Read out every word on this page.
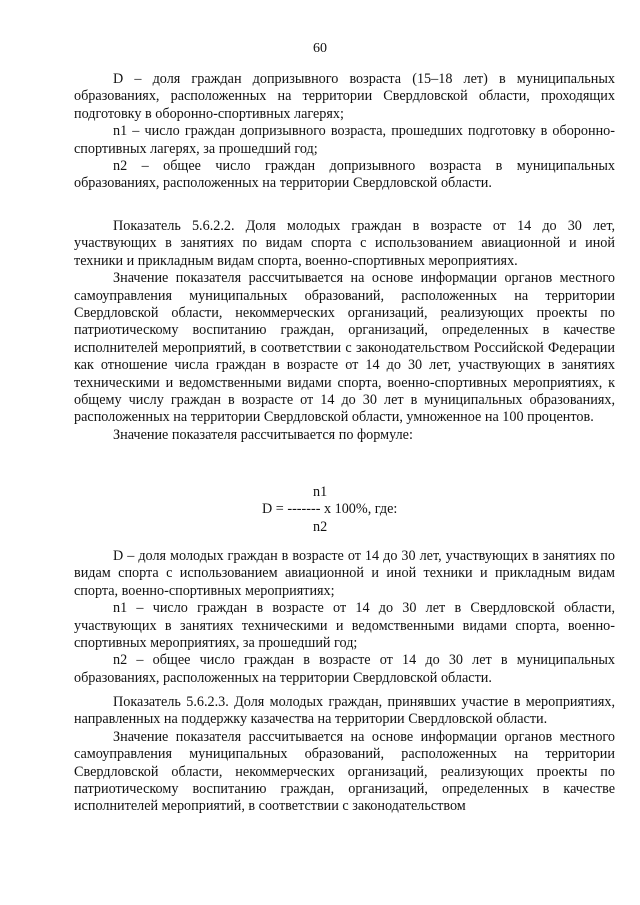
60

D – доля граждан допризывного возраста (15–18 лет) в муниципальных образованиях, расположенных на территории Свердловской области, проходящих подготовку в оборонно-спортивных лагерях;

n1 – число граждан допризывного возраста, прошедших подготовку в оборонно-спортивных лагерях, за прошедший год;

n2 – общее число граждан допризывного возраста в муниципальных образованиях, расположенных на территории Свердловской области.

Показатель 5.6.2.2. Доля молодых граждан в возрасте от 14 до 30 лет, участвующих в занятиях по видам спорта с использованием авиационной и иной техники и прикладным видам спорта, военно-спортивных мероприятиях.

Значение показателя рассчитывается на основе информации органов местного самоуправления муниципальных образований, расположенных на территории Свердловской области, некоммерческих организаций, реализующих проекты по патриотическому воспитанию граждан, организаций, определенных в качестве исполнителей мероприятий, в соответствии с законодательством Российской Федерации как отношение числа граждан в возрасте от 14 до 30 лет, участвующих в занятиях техническими и ведомственными видами спорта, военно-спортивных мероприятиях, к общему числу граждан в возрасте от 14 до 30 лет в муниципальных образованиях, расположенных на территории Свердловской области, умноженное на 100 процентов.

Значение показателя рассчитывается по формуле:

n1
D = ------- x 100%, где:
n2

D – доля молодых граждан в возрасте от 14 до 30 лет, участвующих в занятиях по видам спорта с использованием авиационной и иной техники и прикладным видам спорта, военно-спортивных мероприятиях;

n1 – число граждан в возрасте от 14 до 30 лет в Свердловской области, участвующих в занятиях техническими и ведомственными видами спорта, военно-спортивных мероприятиях, за прошедший год;

n2 – общее число граждан в возрасте от 14 до 30 лет в муниципальных образованиях, расположенных на территории Свердловской области.

Показатель 5.6.2.3. Доля молодых граждан, принявших участие в мероприятиях, направленных на поддержку казачества на территории Свердловской области.

Значение показателя рассчитывается на основе информации органов местного самоуправления муниципальных образований, расположенных на территории Свердловской области, некоммерческих организаций, реализующих проекты по патриотическому воспитанию граждан, организаций, определенных в качестве исполнителей мероприятий, в соответствии с законодательством
